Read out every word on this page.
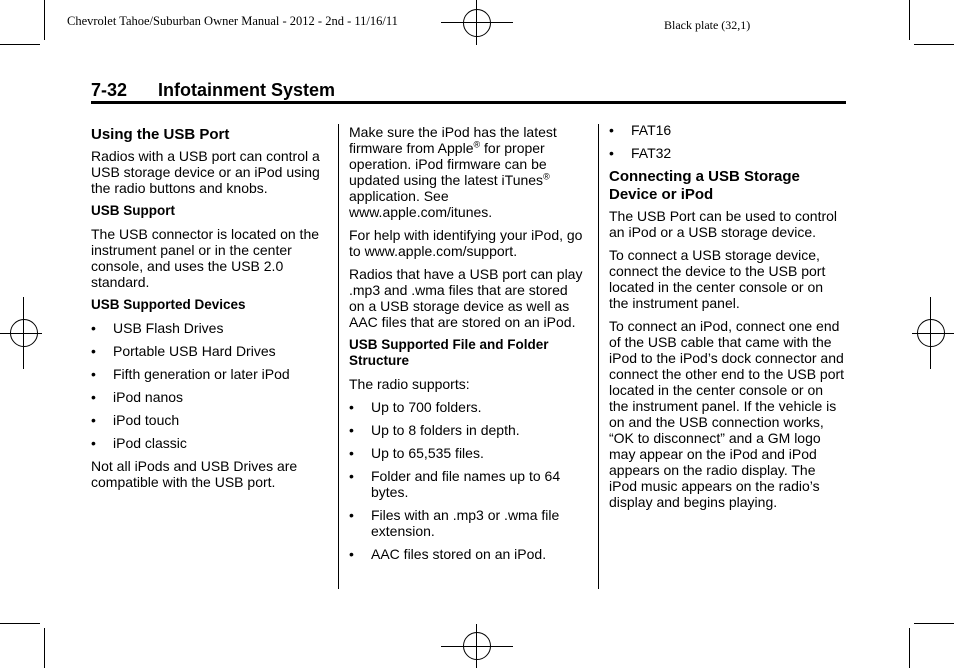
Chevrolet Tahoe/Suburban Owner Manual - 2012 - 2nd - 11/16/11	Black plate (32,1)
7-32 Infotainment System
Using the USB Port

Radios with a USB port can control a USB storage device or an iPod using the radio buttons and knobs.

USB Support

The USB connector is located on the instrument panel or in the center console, and uses the USB 2.0 standard.

USB Supported Devices
• USB Flash Drives
• Portable USB Hard Drives
• Fifth generation or later iPod
• iPod nanos
• iPod touch
• iPod classic

Not all iPods and USB Drives are compatible with the USB port.

Make sure the iPod has the latest firmware from Apple® for proper operation. iPod firmware can be updated using the latest iTunes® application. See www.apple.com/itunes.

For help with identifying your iPod, go to www.apple.com/support.

Radios that have a USB port can play .mp3 and .wma files that are stored on a USB storage device as well as AAC files that are stored on an iPod.

USB Supported File and Folder Structure

The radio supports:

• Up to 700 folders.
• Up to 8 folders in depth.
• Up to 65,535 files.
• Folder and file names up to 64 bytes.
• Files with an .mp3 or .wma file extension.
• AAC files stored on an iPod.
• FAT16
• FAT32
Connecting a USB Storage Device or iPod

The USB Port can be used to control an iPod or a USB storage device.

To connect a USB storage device, connect the device to the USB port located in the center console or on the instrument panel.

To connect an iPod, connect one end of the USB cable that came with the iPod to the iPod’s dock connector and connect the other end to the USB port located in the center console or on the instrument panel. If the vehicle is on and the USB connection works, “OK to disconnect” and a GM logo may appear on the iPod and iPod appears on the radio display. The iPod music appears on the radio’s display and begins playing.
